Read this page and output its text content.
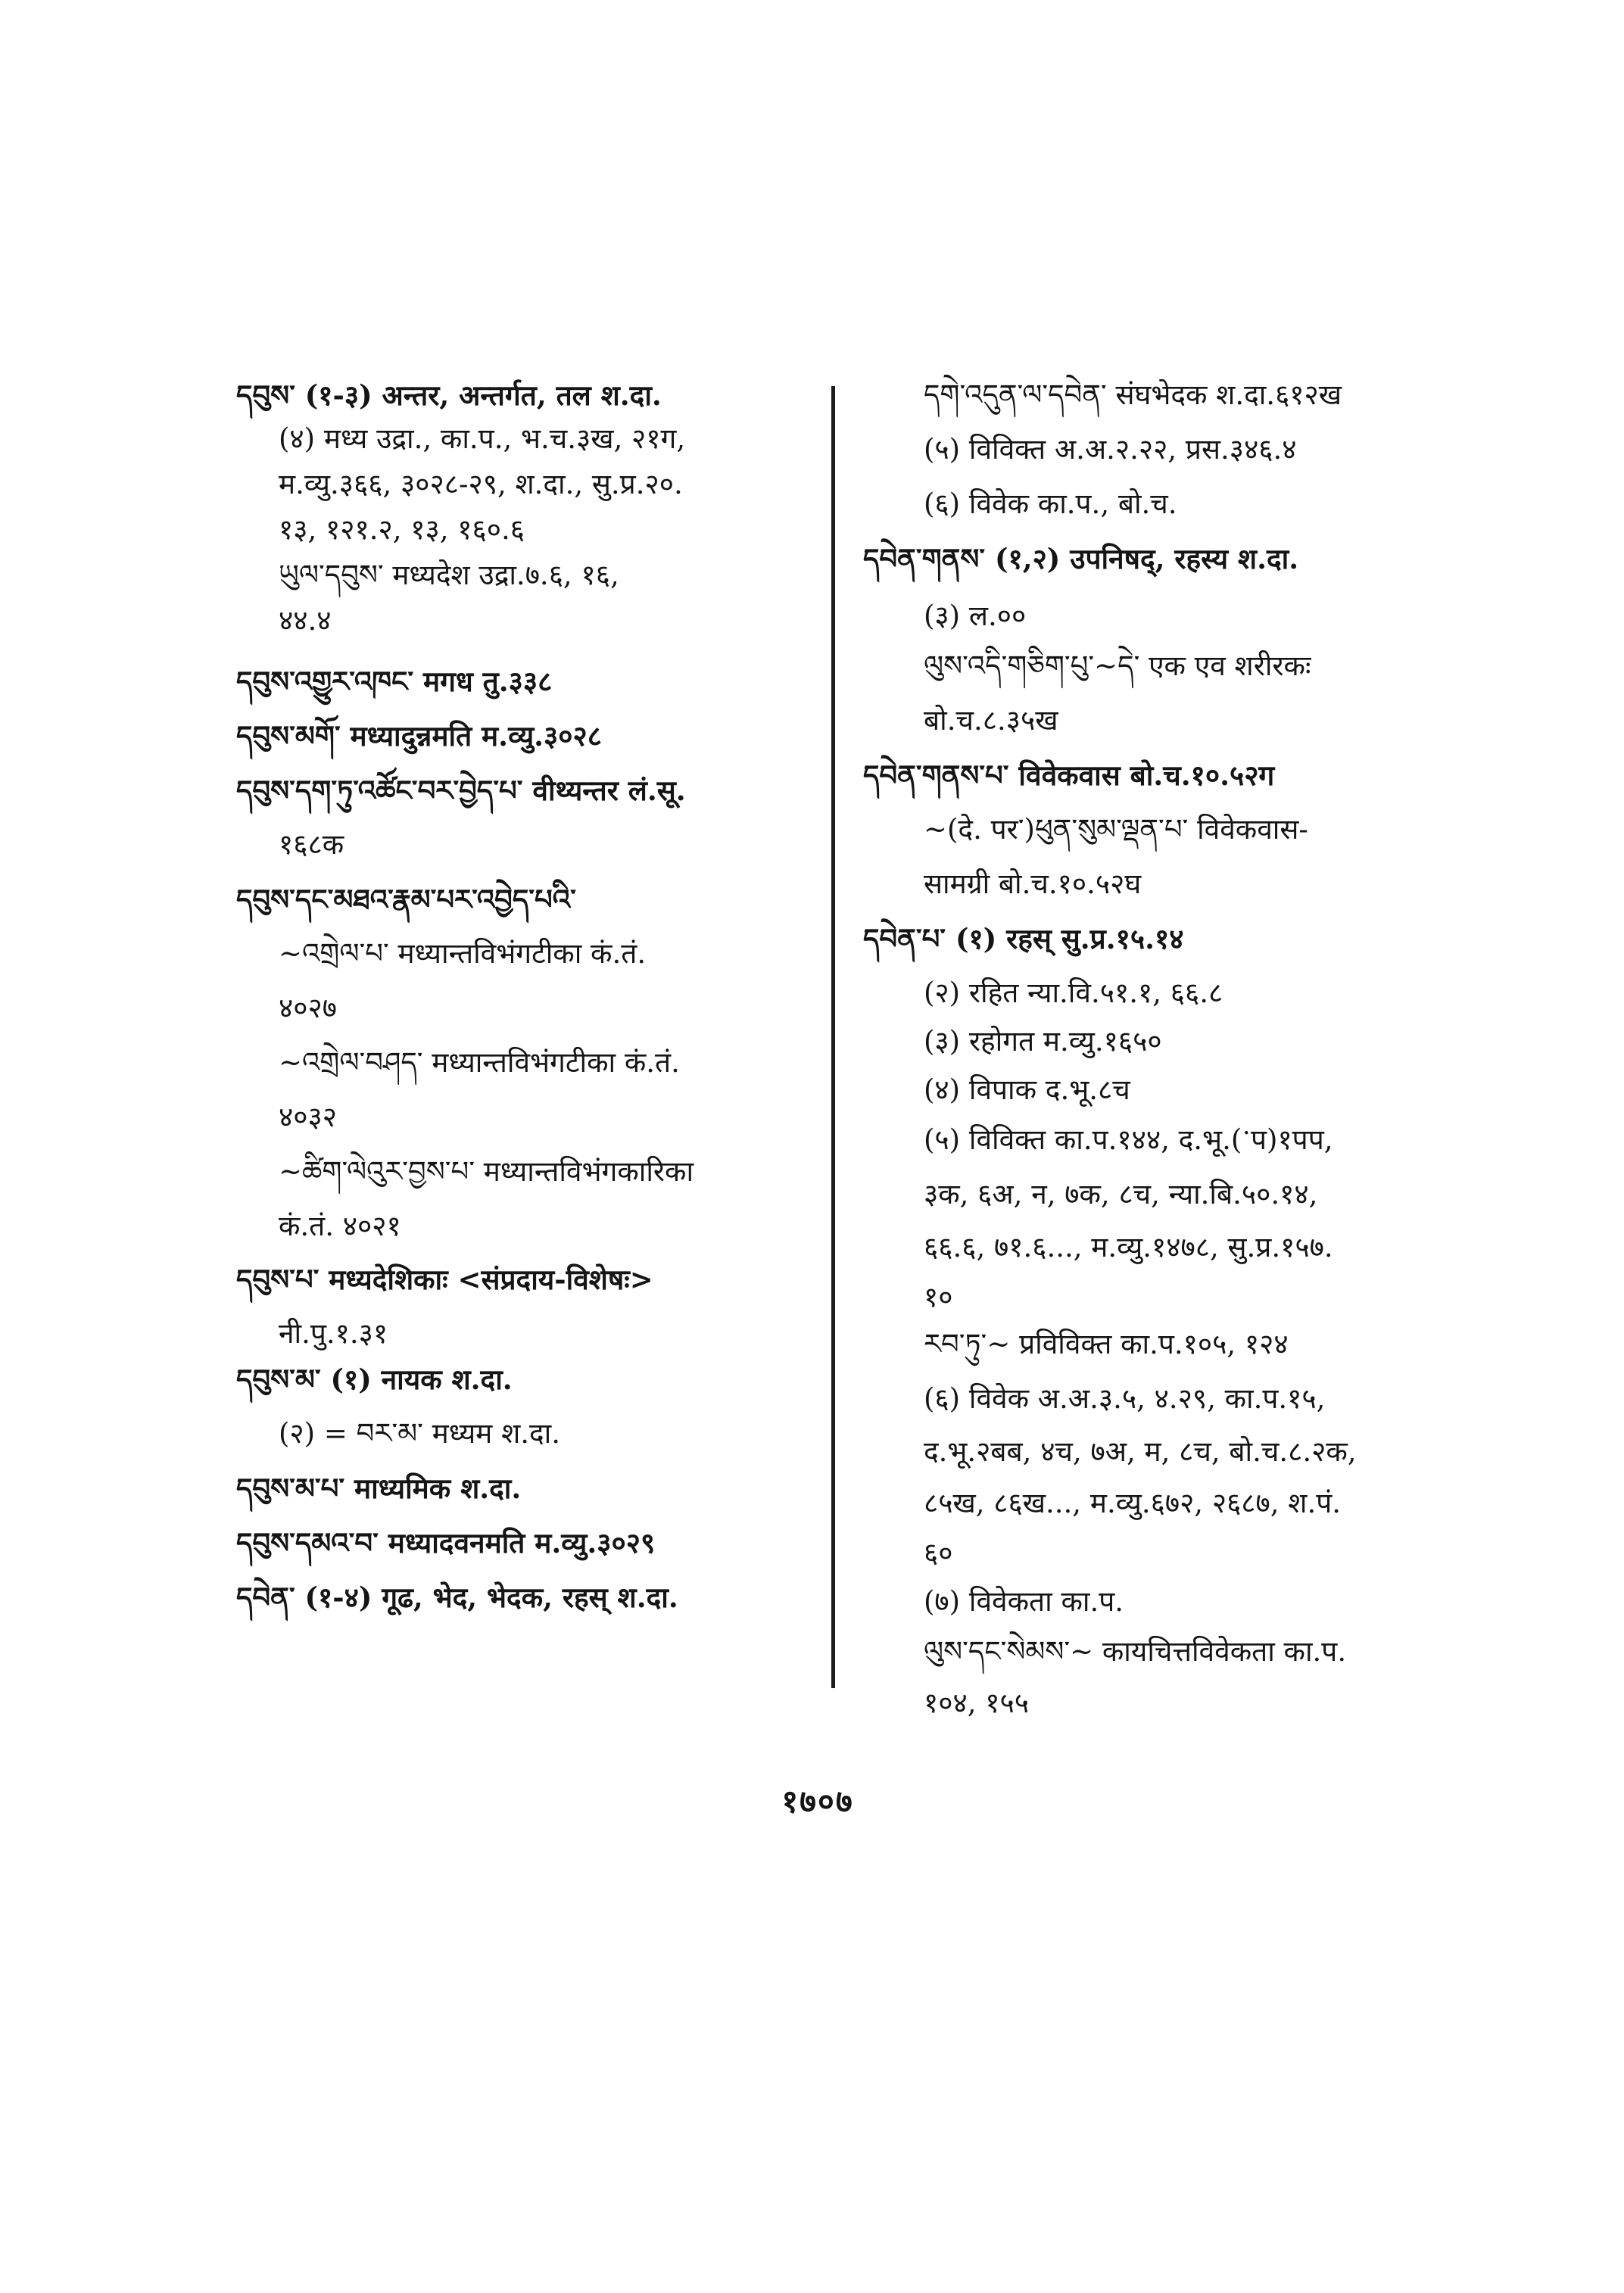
དབུས་ (१-३) अन्तर, अन्तर्गत, तल श.दा.
(४) मध्य उद्रा., का.प., भ.च.३ख, २१ग,
म.व्यु.३६६, ३०२८-२९, श.दा., सु.प्र.२०.
१३, १२१.२, १३, १६०.६
ཡུལ་དབུས་ मध्यदेश उद्रा.७.६, १६,
४४.४
དབུས་འགྱུར་འཁང་ मगध तु.३३८
དབུས་མགོ་ मध्यादुन्नमति म.व्यु.३०२८
དབུས་དག་ཏུ་འཚོང་བར་བྱེད་པ་ वीथ्यन्तर लं.सू.
१६८क
དབུས་དང་མཐའ་རྣམ་པར་འབྱེད་པའི་
~འགྲེལ་པ་ मध्यान्तविभंगटीका कं.तं.
४०२७
~འགྲེལ་བཤད་ मध्यान्तविभंगटीका कं.तं.
४०३२
~ཚིག་ལེའུར་བྱས་པ་ मध्यान्तविभंगकारिका
कं.तं. ४०२१
དབུས་པ་ मध्यदेशिकाः <संप्रदाय-विशेषः>
नी.पु.१.३१
དབུས་མ་ (१) नायक श.दा.
(२) = བར་མ་ मध्यम श.दा.
དབུས་མ་པ་ माध्यमिक श.दा.
དབུས་དམའ་བ་ मध्यादवनमति म.व्यु.३०२९
དབེན་ (१-४) गूढ, भेद, भेदक, रहस् श.दा.
དགེ་འདུན་ལ་དབེན་ संघभेदक श.दा.६१२ख
(५) विविक्त अ.अ.२.२२, प्रस.३४६.४
(६) विवेक का.प., बो.च.
དབེན་གནས་ (१,२) उपनिषद्, रहस्य श.दा.
(३) ल.००
ལུས་འདི་གཅིག་པུ་~དེ་ एक एव शरीरकः
बो.च.८.३५ख
དབེན་གནས་པ་ विवेकवास बो.च.१०.५२ग
~(दे. पर་)ཕུན་སུམ་ལྡན་པ་ विवेकवास-
सामग्री बो.च.१०.५२घ
དབེན་པ་ (१) रहस् सु.प्र.१५.१४
(२) रहित न्या.वि.५१.१, ६६.८
(३) रहोगत म.व्यु.१६५०
(४) विपाक द.भू.८च
(५) विविक्त का.प.१४४, द.भू.(ॱप)१पप,
३क, ६अ, न, ७क, ८च, न्या.बि.५०.१४,
६६.६, ७१.६..., म.व्यु.१४७८, सु.प्र.१५७.
१०
རབ་ཏུ་~ प्रविविक्त का.प.१०५, १२४
(६) विवेक अ.अ.३.५, ४.२९, का.प.१५,
द.भू.२बब, ४च, ७अ, म, ८च, बो.च.८.२क,
८५ख, ८६ख..., म.व्यु.६७२, २६८७, श.पं.
६०
(७) विवेकता का.प.
ལུས་དང་སེམས་~ कायचित्तविवेकता का.प.
१०४, १५५
१७०७
